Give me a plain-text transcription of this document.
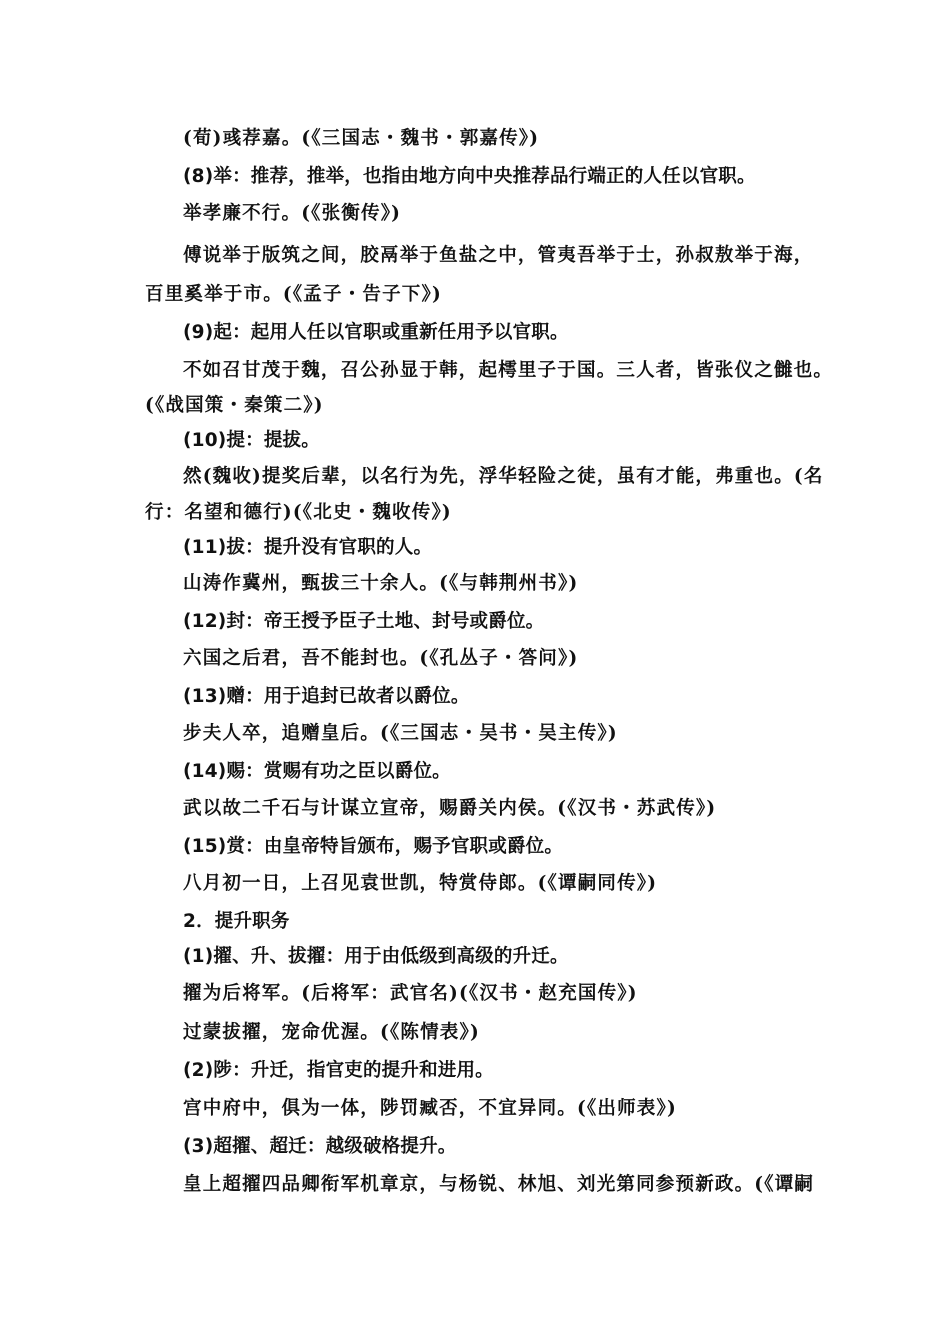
(荀)彧荐嘉。(《三国志・魏书・郭嘉传》)
(8)举：推荐，推举，也指由地方向中央推荐品行端正的人任以官职。
举孝廉不行。(《张衡传》)
傅说举于版筑之间，胶鬲举于鱼盐之中，管夷吾举于士，孙叔敖举于海，
百里奚举于市。(《孟子・告子下》)
(9)起：起用人任以官职或重新任用予以官职。
不如召甘茂于魏，召公孙显于韩，起樗里子于国。三人者，皆张仪之雠也。
(《战国策・秦策二》)
(10)提：提拔。
然(魏收)提奖后辈，以名行为先，浮华轻险之徒，虽有才能，弗重也。(名
行：名望和德行)(《北史・魏收传》)
(11)拔：提升没有官职的人。
山涛作冀州，甄拔三十余人。(《与韩荆州书》)
(12)封：帝王授予臣子土地、封号或爵位。
六国之后君，吾不能封也。(《孔丛子・答问》)
(13)赠：用于追封已故者以爵位。
步夫人卒，追赠皇后。(《三国志・吴书・吴主传》)
(14)赐：赏赐有功之臣以爵位。
武以故二千石与计谋立宣帝，赐爵关内侯。(《汉书・苏武传》)
(15)赏：由皇帝特旨颁布，赐予官职或爵位。
八月初一日，上召见袁世凯，特赏侍郎。(《谭嗣同传》)
2．提升职务
(1)擢、升、拔擢：用于由低级到高级的升迁。
擢为后将军。(后将军：武官名)(《汉书・赵充国传》)
过蒙拔擢，宠命优渥。(《陈情表》)
(2)陟：升迁，指官吏的提升和进用。
宫中府中，俱为一体，陟罚臧否，不宜异同。(《出师表》)
(3)超擢、超迁：越级破格提升。
皇上超擢四品卿衔军机章京，与杨锐、林旭、刘光第同参预新政。(《谭嗣
